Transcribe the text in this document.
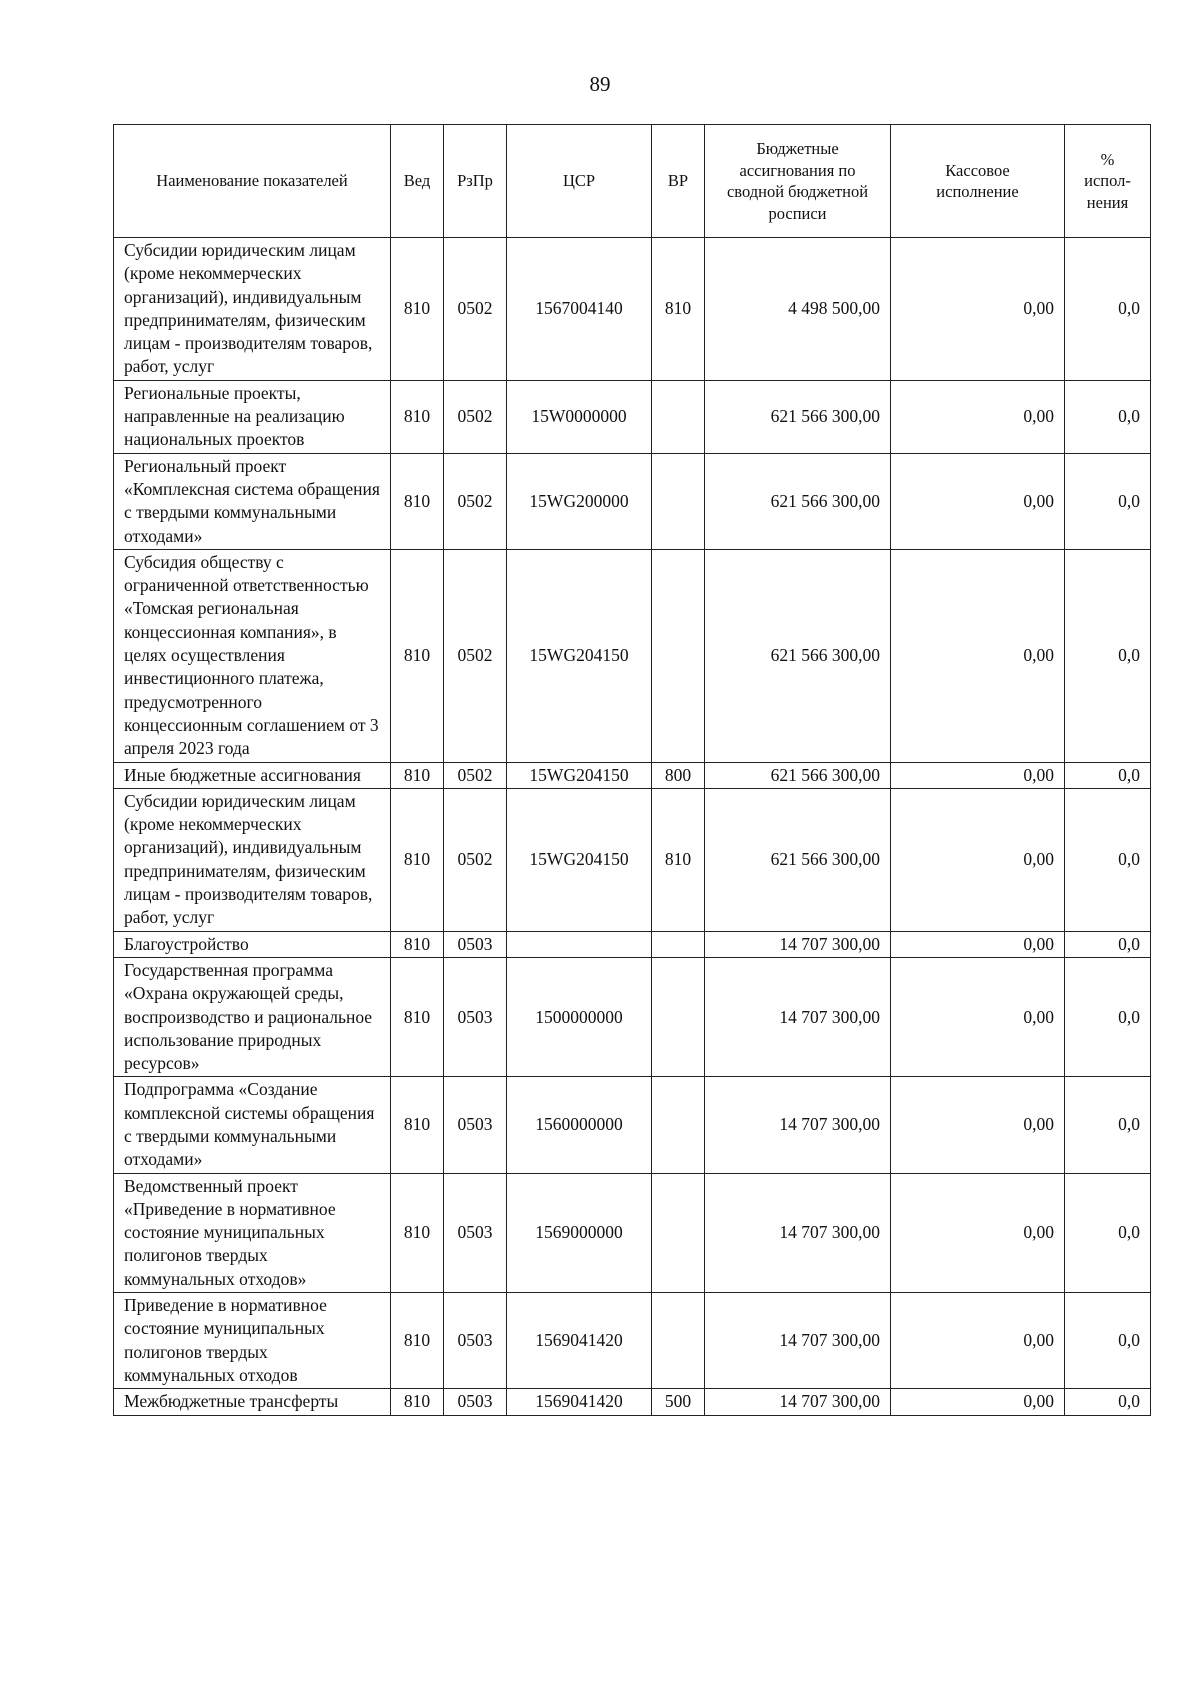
89
Наименование показателей	Вед	РзПр	ЦСР	ВР	Бюджетные ассигнования по сводной бюджетной росписи	Кассовое исполнение	% испол-нения
Субсидии юридическим лицам (кроме некоммерческих организаций), индивидуальным предпринимателям, физическим лицам - производителям товаров, работ, услуг	810	0502	1567004140	810	4 498 500,00	0,00	0,0
Региональные проекты, направленные на реализацию национальных проектов	810	0502	15W0000000		621 566 300,00	0,00	0,0
Региональный проект «Комплексная система обращения с твердыми коммунальными отходами»	810	0502	15WG200000		621 566 300,00	0,00	0,0
Субсидия обществу с ограниченной ответственностью «Томская региональная концессионная компания», в целях осуществления инвестиционного платежа, предусмотренного концессионным соглашением от 3 апреля 2023 года	810	0502	15WG204150		621 566 300,00	0,00	0,0
Иные бюджетные ассигнования	810	0502	15WG204150	800	621 566 300,00	0,00	0,0
Субсидии юридическим лицам (кроме некоммерческих организаций), индивидуальным предпринимателям, физическим лицам - производителям товаров, работ, услуг	810	0502	15WG204150	810	621 566 300,00	0,00	0,0
Благоустройство	810	0503			14 707 300,00	0,00	0,0
Государственная программа «Охрана окружающей среды, воспроизводство и рациональное использование природных ресурсов»	810	0503	1500000000		14 707 300,00	0,00	0,0
Подпрограмма «Создание комплексной системы обращения с твердыми коммунальными отходами»	810	0503	1560000000		14 707 300,00	0,00	0,0
Ведомственный проект «Приведение в нормативное состояние муниципальных полигонов твердых коммунальных отходов»	810	0503	1569000000		14 707 300,00	0,00	0,0
Приведение в нормативное состояние муниципальных полигонов твердых коммунальных отходов	810	0503	1569041420		14 707 300,00	0,00	0,0
Межбюджетные трансферты	810	0503	1569041420	500	14 707 300,00	0,00	0,0
